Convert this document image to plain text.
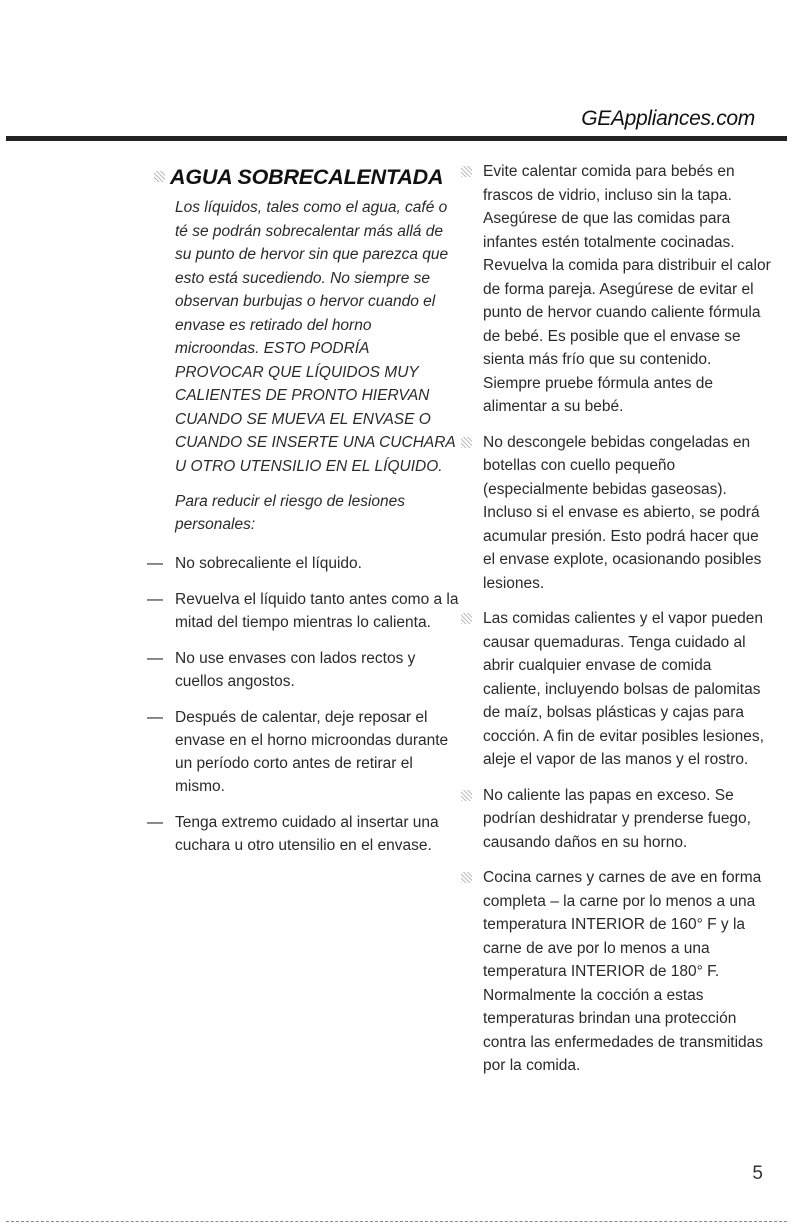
GEAppliances.com
AGUA SOBRECALENTADA
Los líquidos, tales como el agua, café o té se podrán sobrecalentar más allá de su punto de hervor sin que parezca que esto está sucediendo. No siempre se observan burbujas o hervor cuando el envase es retirado del horno microondas. ESTO PODRÍA PROVOCAR QUE LÍQUIDOS MUY CALIENTES DE PRONTO HIERVAN CUANDO SE MUEVA EL ENVASE O CUANDO SE INSERTE UNA CUCHARA U OTRO UTENSILIO EN EL LÍQUIDO.
Para reducir el riesgo de lesiones personales:
— No sobrecaliente el líquido.
— Revuelva el líquido tanto antes como a la mitad del tiempo mientras lo calienta.
— No use envases con lados rectos y cuellos angostos.
— Después de calentar, deje reposar el envase en el horno microondas durante un período corto antes de retirar el mismo.
— Tenga extremo cuidado al insertar una cuchara u otro utensilio en el envase.
Evite calentar comida para bebés en frascos de vidrio, incluso sin la tapa. Asegúrese de que las comidas para infantes estén totalmente cocinadas. Revuelva la comida para distribuir el calor de forma pareja. Asegúrese de evitar el punto de hervor cuando caliente fórmula de bebé. Es posible que el envase se sienta más frío que su contenido. Siempre pruebe fórmula antes de alimentar a su bebé.
No descongele bebidas congeladas en botellas con cuello pequeño (especialmente bebidas gaseosas). Incluso si el envase es abierto, se podrá acumular presión. Esto podrá hacer que el envase explote, ocasionando posibles lesiones.
Las comidas calientes y el vapor pueden causar quemaduras. Tenga cuidado al abrir cualquier envase de comida caliente, incluyendo bolsas de palomitas de maíz, bolsas plásticas y cajas para cocción. A fin de evitar posibles lesiones, aleje el vapor de las manos y el rostro.
No caliente las papas en exceso. Se podrían deshidratar y prenderse fuego, causando daños en su horno.
Cocina carnes y carnes de ave en forma completa – la carne por lo menos a una temperatura INTERIOR de 160° F y la carne de ave por lo menos a una temperatura INTERIOR de 180° F. Normalmente la cocción a estas temperaturas brindan una protección contra las enfermedades de transmitidas por la comida.
5
